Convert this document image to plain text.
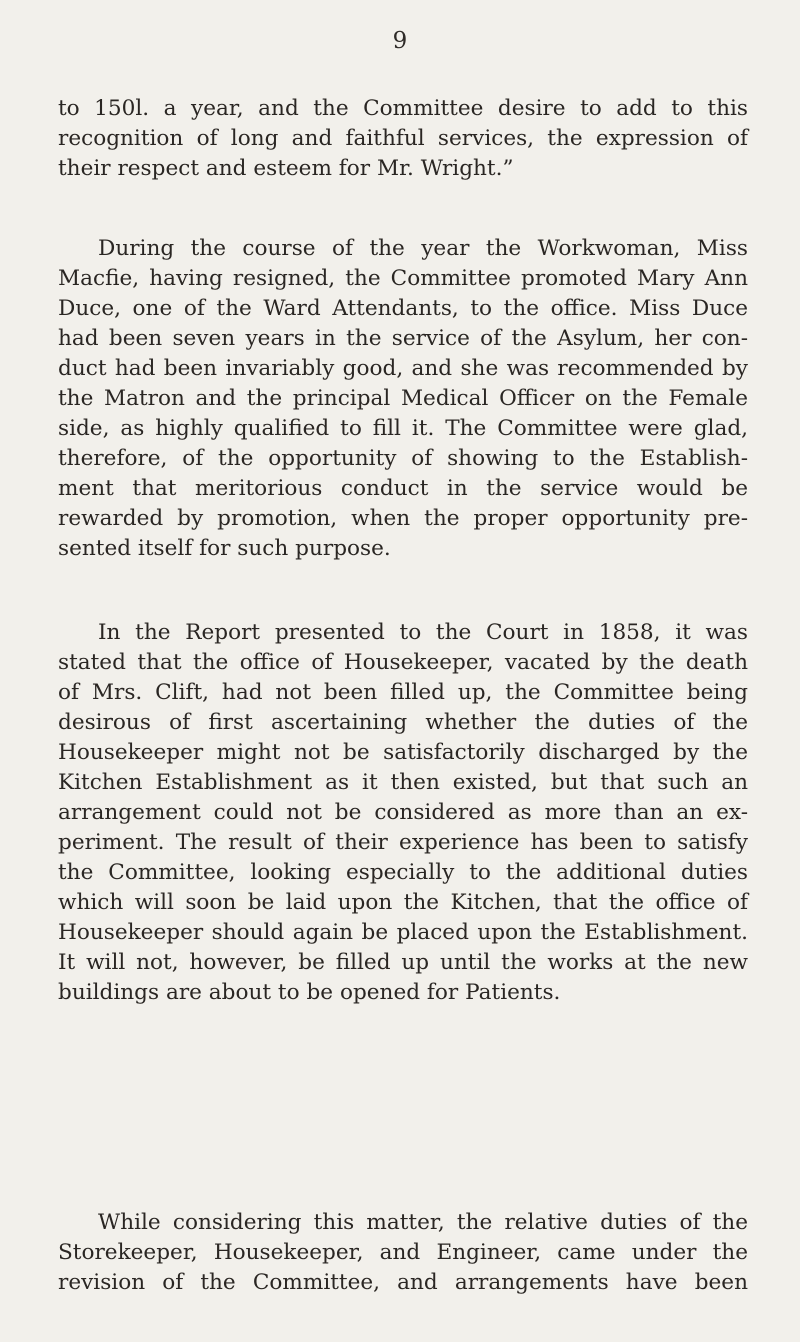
9
to 150l. a year, and the Committee desire to add to this
recognition of long and faithful services, the expression of
their respect and esteem for Mr. Wright.”
During the course of the year the Workwoman, Miss
Macfie, having resigned, the Committee promoted Mary Ann
Duce, one of the Ward Attendants, to the office. Miss Duce
had been seven years in the service of the Asylum, her con-
duct had been invariably good, and she was recommended by
the Matron and the principal Medical Officer on the Female
side, as highly qualified to fill it. The Committee were glad,
therefore, of the opportunity of showing to the Establish-
ment that meritorious conduct in the service would be
rewarded by promotion, when the proper opportunity pre-
sented itself for such purpose.
In the Report presented to the Court in 1858, it was
stated that the office of Housekeeper, vacated by the death
of Mrs. Clift, had not been filled up, the Committee being
desirous of first ascertaining whether the duties of the
Housekeeper might not be satisfactorily discharged by the
Kitchen Establishment as it then existed, but that such an
arrangement could not be considered as more than an ex-
periment. The result of their experience has been to satisfy
the Committee, looking especially to the additional duties
which will soon be laid upon the Kitchen, that the office of
Housekeeper should again be placed upon the Establishment.
It will not, however, be filled up until the works at the new
buildings are about to be opened for Patients.
While considering this matter, the relative duties of the
Storekeeper, Housekeeper, and Engineer, came under the
revision of the Committee, and arrangements have been
